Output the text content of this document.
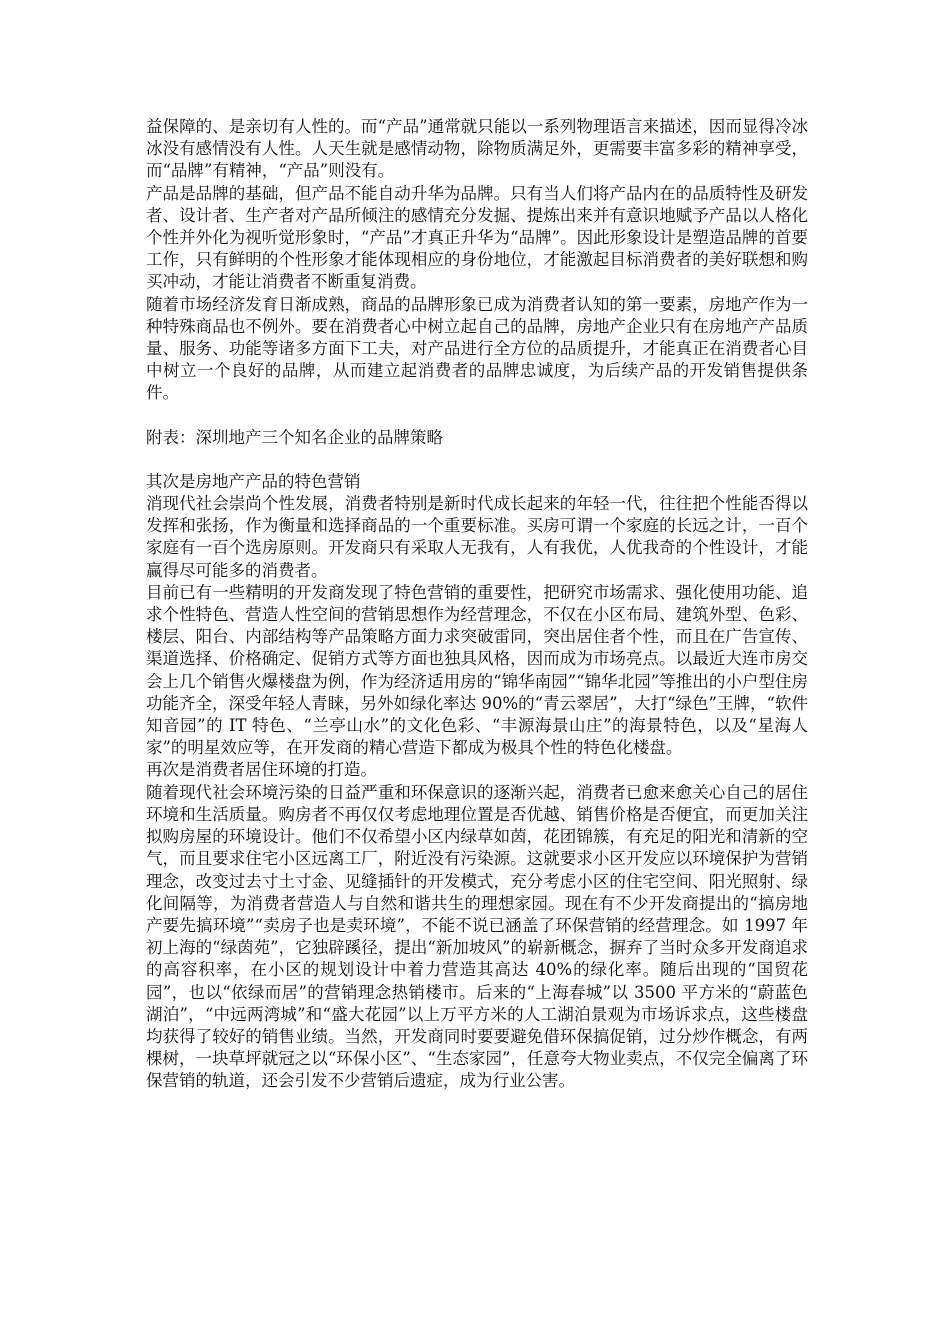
益保障的、是亲切有人性的。而“产品”通常就只能以一系列物理语言来描述，因而显得冷冰冰没有感情没有人性。人天生就是感情动物，除物质满足外，更需要丰富多彩的精神享受，而“品牌”有精神，“产品”则没有。

产品是品牌的基础，但产品不能自动升华为品牌。只有当人们将产品内在的品质特性及研发者、设计者、生产者对产品所倾注的感情充分发掘、提炼出来并有意识地赋予产品以人格化个性并外化为视听觉形象时，“产品”才真正升华为“品牌”。因此形象设计是塑造品牌的首要工作，只有鲜明的个性形象才能体现相应的身份地位，才能激起目标消费者的美好联想和购买冲动，才能让消费者不断重复消费。

随着市场经济发育日渐成熟，商品的品牌形象已成为消费者认知的第一要素，房地产作为一种特殊商品也不例外。要在消费者心中树立起自己的品牌，房地产企业只有在房地产产品质量、服务、功能等诸多方面下工夫，对产品进行全方位的品质提升，才能真正在消费者心目中树立一个良好的品牌，从而建立起消费者的品牌忠诚度，为后续产品的开发销售提供条件。

附表：深圳地产三个知名企业的品牌策略

其次是房地产产品的特色营销

消现代社会崇尚个性发展，消费者特别是新时代成长起来的年轻一代，往往把个性能否得以发挥和张扬，作为衡量和选择商品的一个重要标准。买房可谓一个家庭的长远之计，一百个家庭有一百个选房原则。开发商只有采取人无我有，人有我优，人优我奇的个性设计，才能赢得尽可能多的消费者。

目前已有一些精明的开发商发现了特色营销的重要性，把研究市场需求、强化使用功能、追求个性特色、营造人性空间的营销思想作为经营理念，不仅在小区布局、建筑外型、色彩、楼层、阳台、内部结构等产品策略方面力求突破雷同，突出居住者个性，而且在广告宣传、渠道选择、价格确定、促销方式等方面也独具风格，因而成为市场亮点。以最近大连市房交会上几个销售火爆楼盘为例，作为经济适用房的“锦华南园”“锦华北园”等推出的小户型住房功能齐全，深受年轻人青睐，另外如绿化率达 90%的“青云翠居”，大打“绿色”王牌，“软件知音园”的 IT 特色、“兰亭山水”的文化色彩、“丰源海景山庄”的海景特色，以及“星海人家”的明星效应等，在开发商的精心营造下都成为极具个性的特色化楼盘。

再次是消费者居住环境的打造。

随着现代社会环境污染的日益严重和环保意识的逐渐兴起，消费者已愈来愈关心自己的居住环境和生活质量。购房者不再仅仅考虑地理位置是否优越、销售价格是否便宜，而更加关注拟购房屋的环境设计。他们不仅希望小区内绿草如茵，花团锦簇，有充足的阳光和清新的空气，而且要求住宅小区远离工厂，附近没有污染源。这就要求小区开发应以环境保护为营销理念，改变过去寸土寸金、见缝插针的开发模式，充分考虑小区的住宅空间、阳光照射、绿化间隔等，为消费者营造人与自然和谐共生的理想家园。现在有不少开发商提出的“搞房地产要先搞环境”“卖房子也是卖环境”，不能不说已涵盖了环保营销的经营理念。如 1997 年初上海的“绿茵苑”，它独辟蹊径，提出“新加坡风”的崭新概念，摒弃了当时众多开发商追求的高容积率，在小区的规划设计中着力营造其高达 40%的绿化率。随后出现的“国贸花园”，也以“依绿而居”的营销理念热销楼市。后来的“上海春城”以 3500 平方米的“蔚蓝色湖泊”，“中远两湾城”和“盛大花园”以上万平方米的人工湖泊景观为市场诉求点，这些楼盘均获得了较好的销售业绩。当然，开发商同时要要避免借环保搞促销，过分炒作概念，有两棵树，一块草坪就冠之以“环保小区”、“生态家园”，任意夸大物业卖点，不仅完全偏离了环保营销的轨道，还会引发不少营销后遗症，成为行业公害。
